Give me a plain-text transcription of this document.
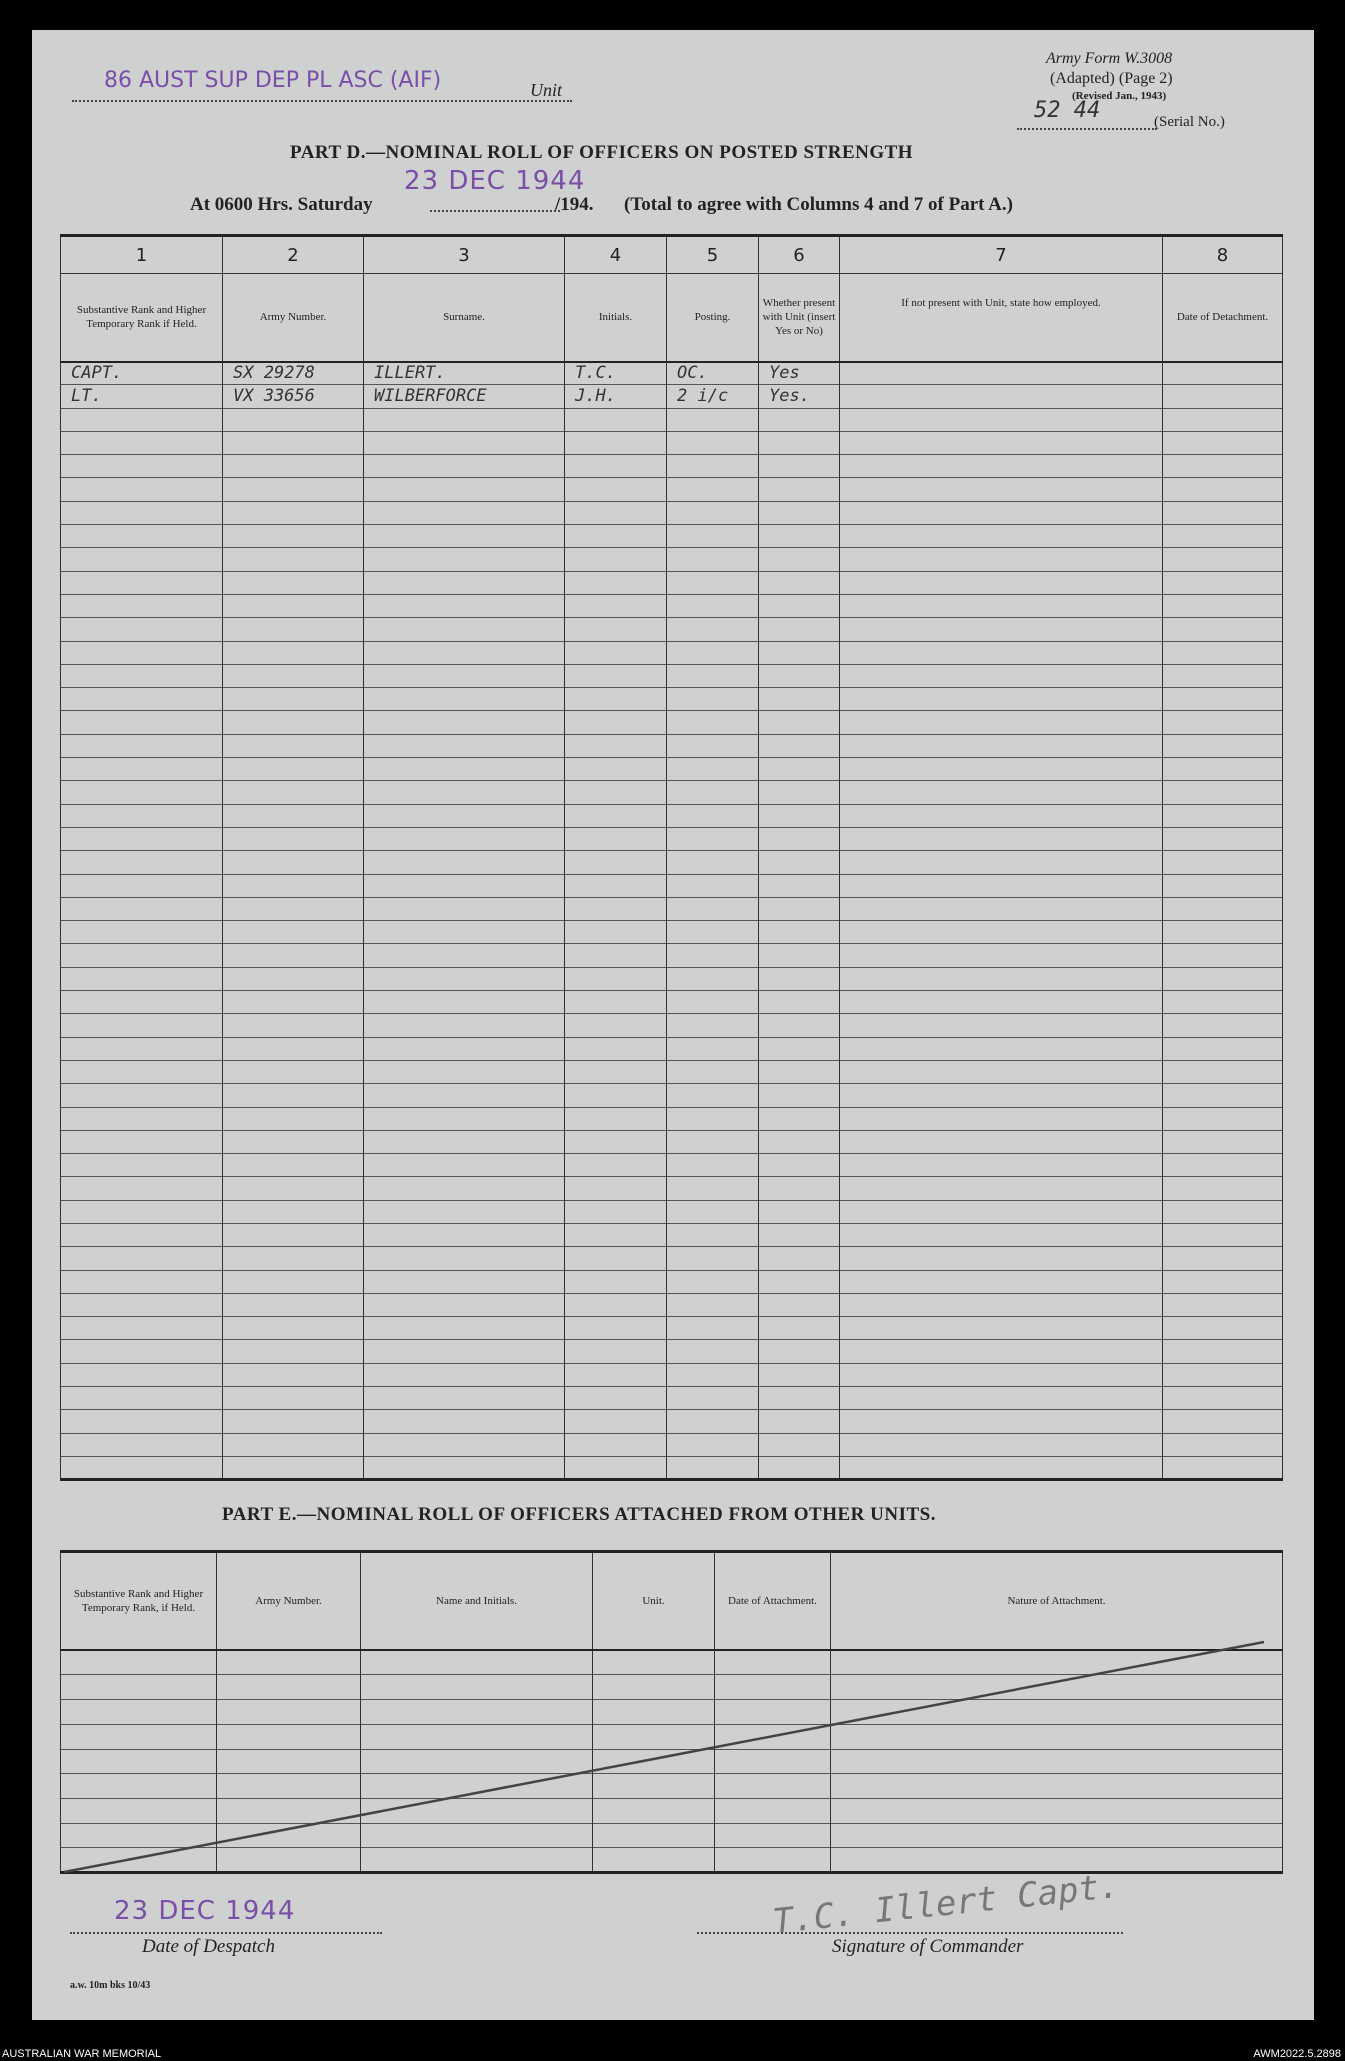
86 AUST SUP DEP PL ASC (AIF)	Unit
Army Form W.3008
(Adapted) (Page 2)
(Revised Jan., 1943)
52 44	(Serial No.)
PART D.—NOMINAL ROLL OF OFFICERS ON POSTED STRENGTH
23 DEC 1944
At 0600 Hrs. Saturday	/194. (Total to agree with Columns 4 and 7 of Part A.)
1	2	3	4	5	6	7	8
Substantive Rank and Higher Temporary Rank if Held.	Army Number.	Surname.	Initials.	Posting.	Whether present with Unit (insert Yes or No)	If not present with Unit, state how employed.	Date of Detachment.
CAPT.	SX 29278	ILLERT.	T.C.	OC.	Yes		
LT.	VX 33656	WILBERFORCE	J.H.	2 i/c	Yes.		

PART E.—NOMINAL ROLL OF OFFICERS ATTACHED FROM OTHER UNITS.
Substantive Rank and Higher Temporary Rank, if Held.	Army Number.	Name and Initials.	Unit.	Date of Attachment.	Nature of Attachment.

23 DEC 1944
Date of Despatch
T.C. Illert Capt.
Signature of Commander
a.w. 10m bks 10/43
AUSTRALIAN WAR MEMORIAL	AWM2022.5.2898
